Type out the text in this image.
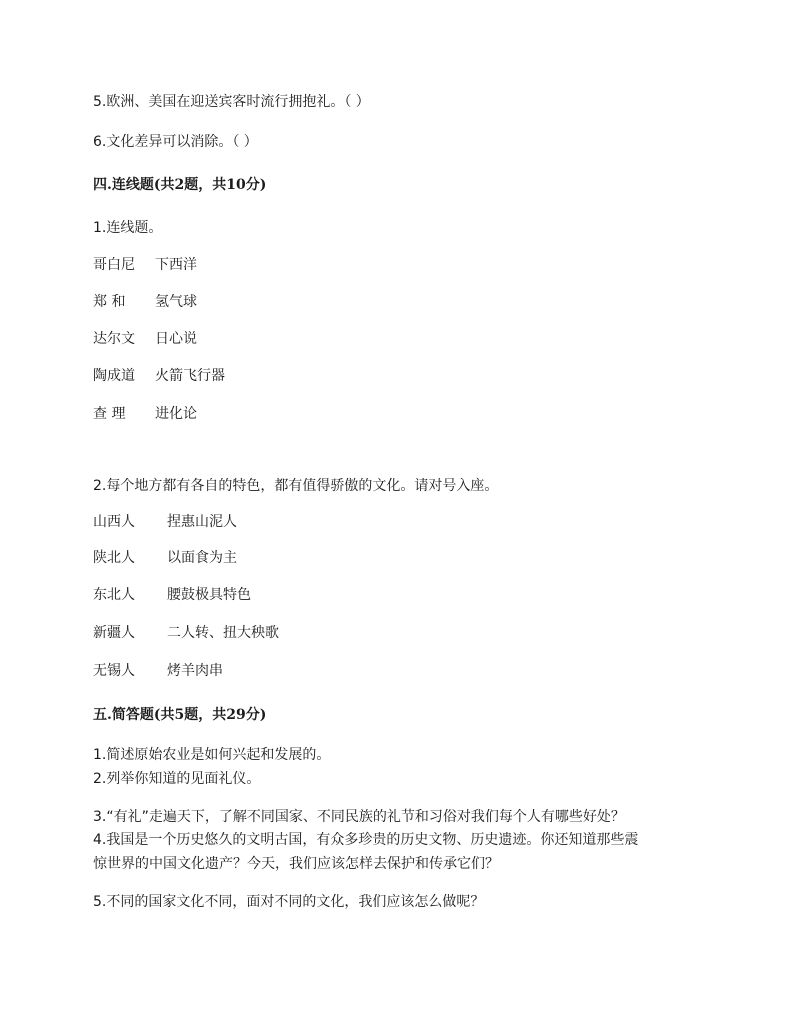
5.欧洲、美国在迎送宾客时流行拥抱礼。（ ）
6.文化差异可以消除。（ ）
四.连线题(共2题，共10分)
1.连线题。
哥白尼 下西洋
郑 和 氢气球
达尔文 日心说
陶成道 火箭飞行器
查 理 进化论
2.每个地方都有各自的特色，都有值得骄傲的文化。请对号入座。
山西人 捏惠山泥人
陕北人 以面食为主
东北人 腰鼓极具特色
新疆人 二人转、扭大秧歌
无锡人 烤羊肉串
五.简答题(共5题，共29分)
1.简述原始农业是如何兴起和发展的。
2.列举你知道的见面礼仪。
3.“有礼”走遍天下，了解不同国家、不同民族的礼节和习俗对我们每个人有哪些好处？
4.我国是一个历史悠久的文明古国，有众多珍贵的历史文物、历史遗迹。你还知道那些震
惊世界的中国文化遗产？今天，我们应该怎样去保护和传承它们？
5.不同的国家文化不同，面对不同的文化，我们应该怎么做呢？
